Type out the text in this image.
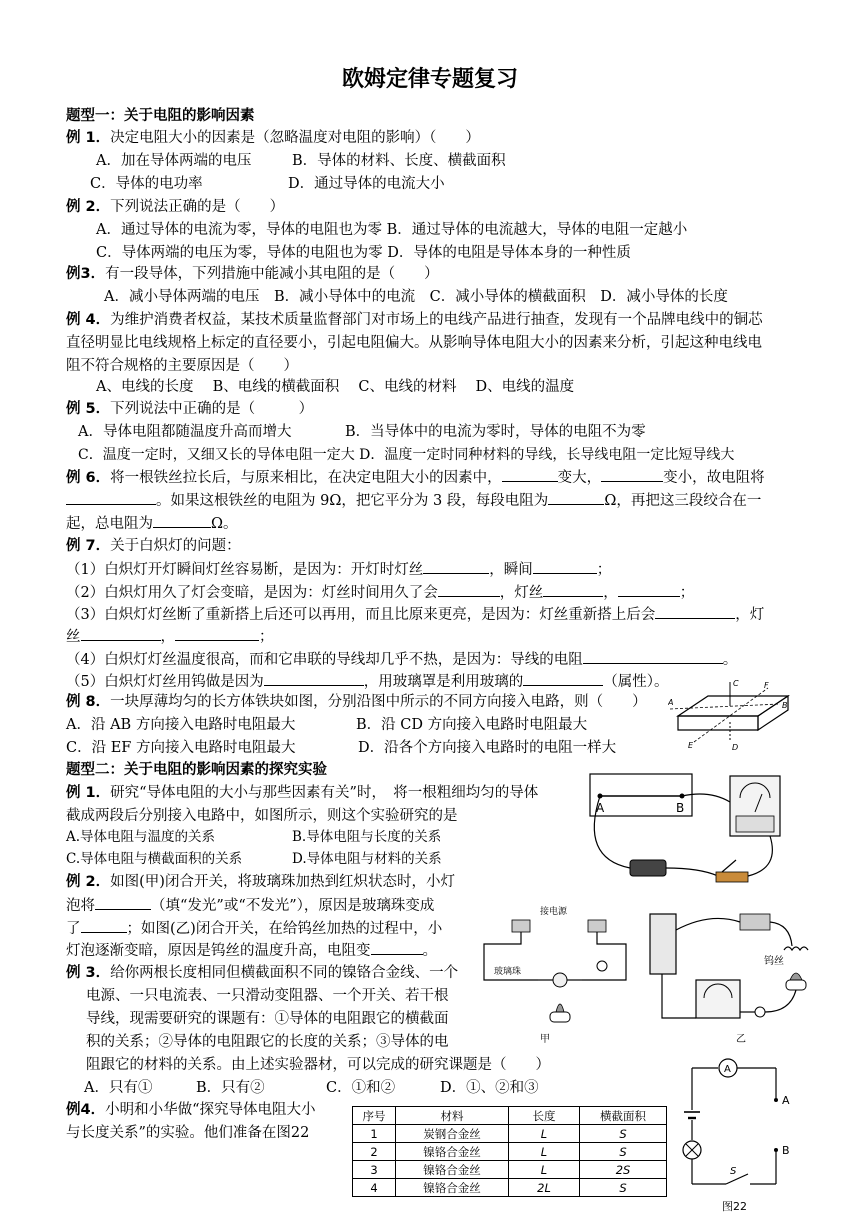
欧姆定律专题复习
题型一：关于电阻的影响因素
例 1．决定电阻大小的因素是（忽略温度对电阻的影响）（　　）
A．加在导体两端的电压	B．导体的材料、长度、横截面积
C．导体的电功率	D．通过导体的电流大小
例 2．下列说法正确的是（　　）
A．通过导体的电流为零，导体的电阻也为零 B．通过导体的电流越大，导体的电阻一定越小
C．导体两端的电压为零，导体的电阻也为零 D．导体的电阻是导体本身的一种性质
例3．有一段导体，下列措施中能减小其电阻的是（　　）
A．减小导体两端的电压　B．减小导体中的电流　C．减小导体的横截面积　D．减小导体的长度
例 4．为维护消费者权益，某技术质量监督部门对市场上的电线产品进行抽查，发现有一个品牌电线中的铜芯
直径明显比电线规格上标定的直径要小，引起电阻偏大。从影响导体电阻大小的因素来分析，引起这种电线电
阻不符合规格的主要原因是（　　）
A、电线的长度　 B、电线的横截面积　 C、电线的材料　 D、电线的温度
例 5．下列说法中正确的是（　　　）
A．导体电阻都随温度升高而增大	B．当导体中的电流为零时，导体的电阻不为零
C．温度一定时，又细又长的导体电阻一定大 D．温度一定时同种材料的导线，长导线电阻一定比短导线大
例 6．将一根铁丝拉长后，与原来相比，在决定电阻大小的因素中，	变大，	变小，故电阻将
。如果这根铁丝的电阻为 9Ω，把它平分为 3 段，每段电阻为	Ω，再把这三段绞合在一
起，总电阻为	Ω。
例 7．关于白炽灯的问题：
（1）白炽灯开灯瞬间灯丝容易断，是因为：开灯时灯丝	，瞬间	；
（2）白炽灯用久了灯会变暗，是因为：灯丝时间用久了会	，灯丝	，	；
（3）白炽灯灯丝断了重新搭上后还可以再用，而且比原来更亮，是因为：灯丝重新搭上后会	，灯
丝	，	；
（4）白炽灯灯丝温度很高，而和它串联的导线却几乎不热，是因为：导线的电阻	。
（5）白炽灯灯丝用钨做是因为	，用玻璃罩是利用玻璃的	（属性）。
例 8．一块厚薄均匀的长方体铁块如图，分别沿图中所示的不同方向接入电路，则（　　）
A．沿 AB 方向接入电路时电阻最大	B．沿 CD 方向接入电路时电阻最大
C．沿 EF 方向接入电路时电阻最大	D．沿各个方向接入电路时的电阻一样大
C	F
A	B
E	D
题型二：关于电阻的影响因素的探究实验
例 1．研究“导体电阻的大小与那些因素有关”时，　将一根粗细均匀的导体
截成两段后分别接入电路中，如图所示，则这个实验研究的是
A.导体电阻与温度的关系	B.导体电阻与长度的关系
C.导体电阻与横截面积的关系	D.导体电阻与材料的关系
A	B
例 2．如图(甲)闭合开关，将玻璃珠加热到红炽状态时，小灯
泡将	（填“发光”或“不发光”），原因是玻璃珠变成
了	；如图(乙)闭合开关，在给钨丝加热的过程中，小
灯泡逐渐变暗，原因是钨丝的温度升高，电阻变	。
接电源
玻璃珠
甲
钨丝
乙
例 3．给你两根长度相同但横截面积不同的镍铬合金线、一个
电源、一只电流表、一只滑动变阻器、一个开关、若干根
导线，现需要研究的课题有：①导体的电阻跟它的横截面
积的关系；②导体的电阻跟它的长度的关系；③导体的电
阻跟它的材料的关系。由上述实验器材，可以完成的研究课题是（　　）
A．只有①	B．只有②	C．①和②	D．①、②和③
例4．小明和小华做“探究导体电阻大小
与长度关系”的实验。他们准备在图22
序号	材料	长度	横截面积
1	炭钢合金丝	L	S
2	镍铬合金丝	L	S
3	镍铬合金丝	L	2S
4	镍铬合金丝	2L	S
A
A
B
S
图22
